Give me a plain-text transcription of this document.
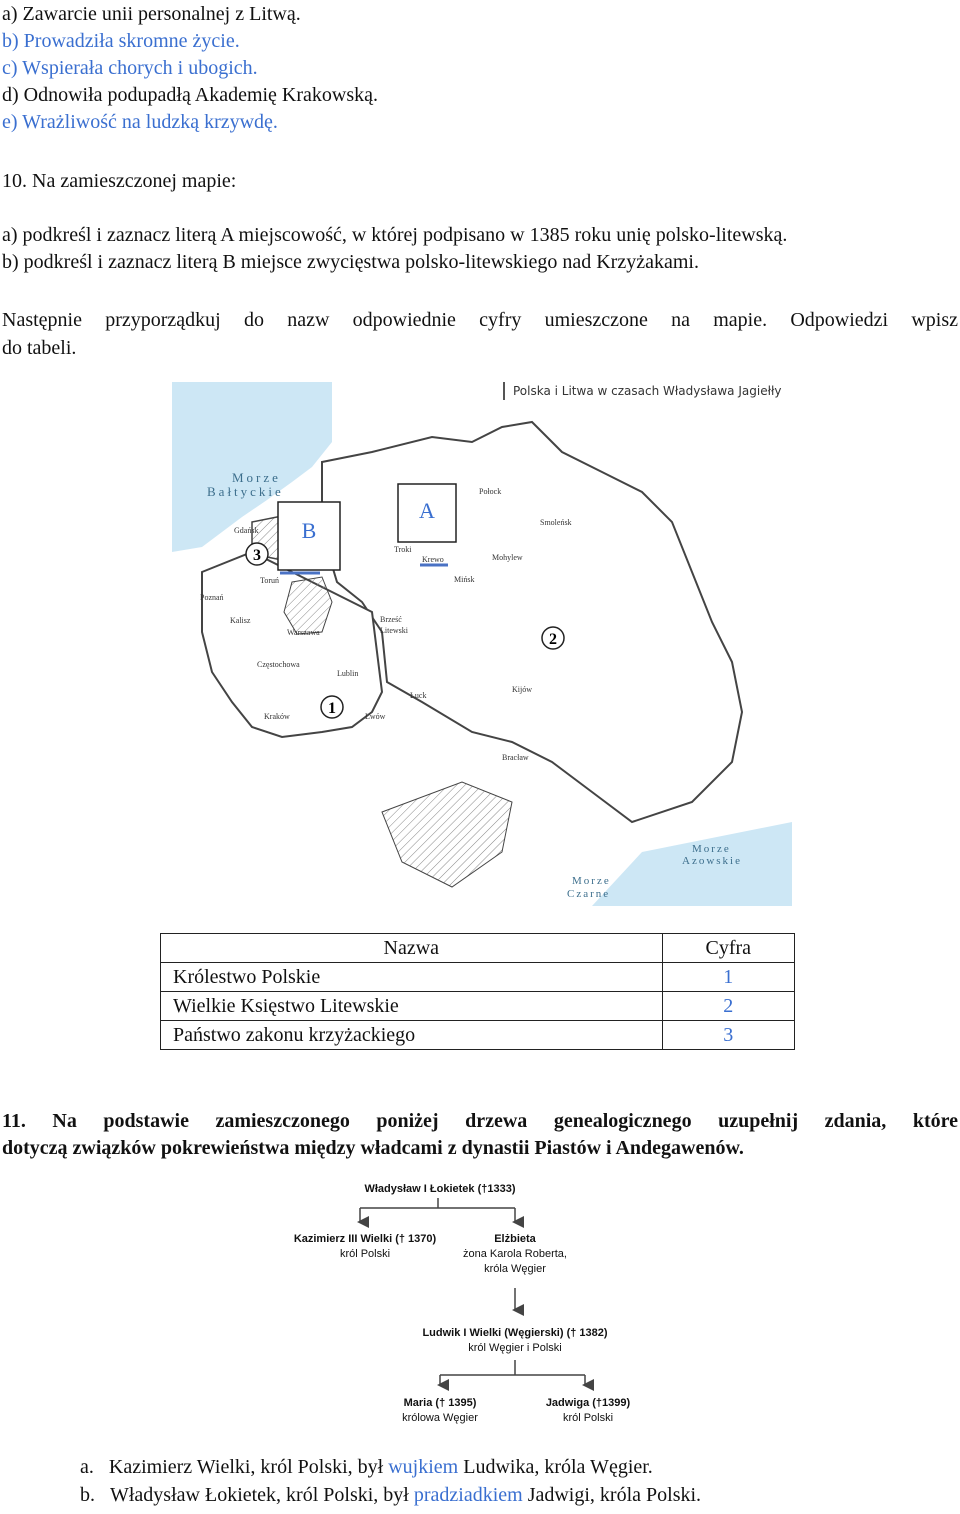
a) Zawarcie unii personalnej z Litwą.
b) Prowadziła skromne życie.
c) Wspierała chorych i ubogich.
d) Odnowiła podupadłą Akademię Krakowską.
e) Wrażliwość na ludzką krzywdę.
10. Na zamieszczonej mapie:
a) podkreśl i zaznacz literą A miejscowość, w której podpisano w 1385 roku unię polsko-litewską.
b) podkreśl i zaznacz literą B miejsce zwycięstwa polsko-litewskiego nad Krzyżakami.
Następnie przyporządkuj do nazw odpowiednie cyfry umieszczone na mapie. Odpowiedzi wpisz
do tabeli.
Polska i Litwa w czasach Władysława Jagiełły
Morze
Bałtyckie
Morze
Azowskie
Morze
Czarne
Gdańsk
Toruń
Poznań
Kalisz
Warszawa
Częstochowa
Kraków
Lublin
Lwów
Brześć
Litewski
Łuck
Troki
Krewo
Mińsk
Połock
Smoleńsk
Mohylew
Kijów
Bracław
B
A
1
2
3
Nazwa	Cyfra
Królestwo Polskie	1
Wielkie Księstwo Litewskie	2
Państwo zakonu krzyżackiego	3
11. Na podstawie zamieszczonego poniżej drzewa genealogicznego uzupełnij zdania, które
dotyczą związków pokrewieństwa między władcami z dynastii Piastów i Andegawenów.
Władysław I Łokietek (†1333)
Kazimierz III Wielki († 1370)
król Polski
Elżbieta
żona Karola Roberta,
króla Węgier
Ludwik I Wielki (Węgierski) († 1382)
król Węgier i Polski
Maria († 1395)
królowa Węgier
Jadwiga (†1399)
król Polski
a. Kazimierz Wielki, król Polski, był wujkiem Ludwika, króla Węgier.
b. Władysław Łokietek, król Polski, był pradziadkiem Jadwigi, króla Polski.
